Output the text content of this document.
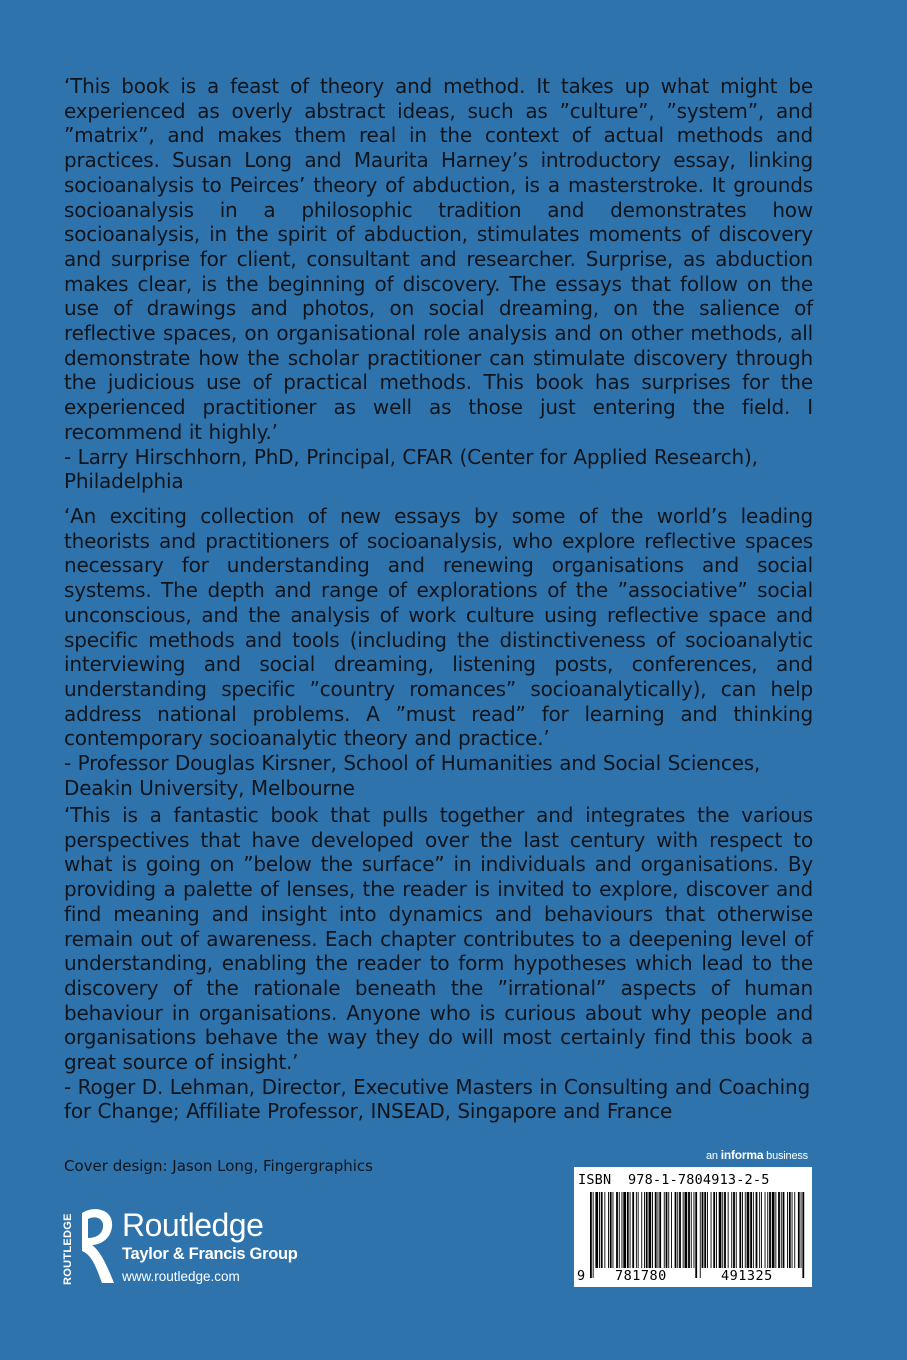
‘This book is a feast of theory and method. It takes up what might be experienced as overly abstract ideas, such as ”culture”, ”system”, and ”matrix”, and makes them real in the context of actual methods and practices. Susan Long and Maurita Harney’s introductory essay, linking socioanalysis to Peirces’ theory of abduction, is a masterstroke. It grounds socioanalysis in a philosophic tradition and demonstrates how socioanalysis, in the spirit of abduction, stimulates moments of discovery and surprise for client, consultant and researcher. Surprise, as abduction makes clear, is the beginning of discovery. The essays that follow on the use of drawings and photos, on social dreaming, on the salience of reflective spaces, on organisational role analysis and on other methods, all demonstrate how the scholar practitioner can stimulate discovery through the judicious use of practical methods. This book has surprises for the experienced practitioner as well as those just entering the field. I recommend it highly.’

- Larry Hirschhorn, PhD, Principal, CFAR (Center for Applied Research), Philadelphia

‘An exciting collection of new essays by some of the world’s leading theorists and practitioners of socioanalysis, who explore reflective spaces necessary for understanding and renewing organisations and social systems. The depth and range of explorations of the ”associative” social unconscious, and the analysis of work culture using reflective space and specific methods and tools (including the distinctiveness of socioanalytic interviewing and social dreaming, listening posts, conferences, and understanding specific ”country romances” socioanalytically), can help address national problems. A ”must read” for learning and thinking contemporary socioanalytic theory and practice.’

- Professor Douglas Kirsner, School of Humanities and Social Sciences, Deakin University, Melbourne

‘This is a fantastic book that pulls together and integrates the various perspectives that have developed over the last century with respect to what is going on ”below the surface” in individuals and organisations. By providing a palette of lenses, the reader is invited to explore, discover and find meaning and insight into dynamics and behaviours that otherwise remain out of awareness. Each chapter contributes to a deepening level of understanding, enabling the reader to form hypotheses which lead to the discovery of the rationale beneath the ”irrational” aspects of human behaviour in organisations. Anyone who is curious about why people and organisations behave the way they do will most certainly find this book a great source of insight.’

- Roger D. Lehman, Director, Executive Masters in Consulting and Coaching for Change; Affiliate Professor, INSEAD, Singapore and France

Cover design: Jason Long, Fingergraphics
ROUTLEDGE Routledge
Taylor & Francis Group
www.routledge.com
an informa business
ISBN  978-1-7804913-2-5
9 781780	491325
